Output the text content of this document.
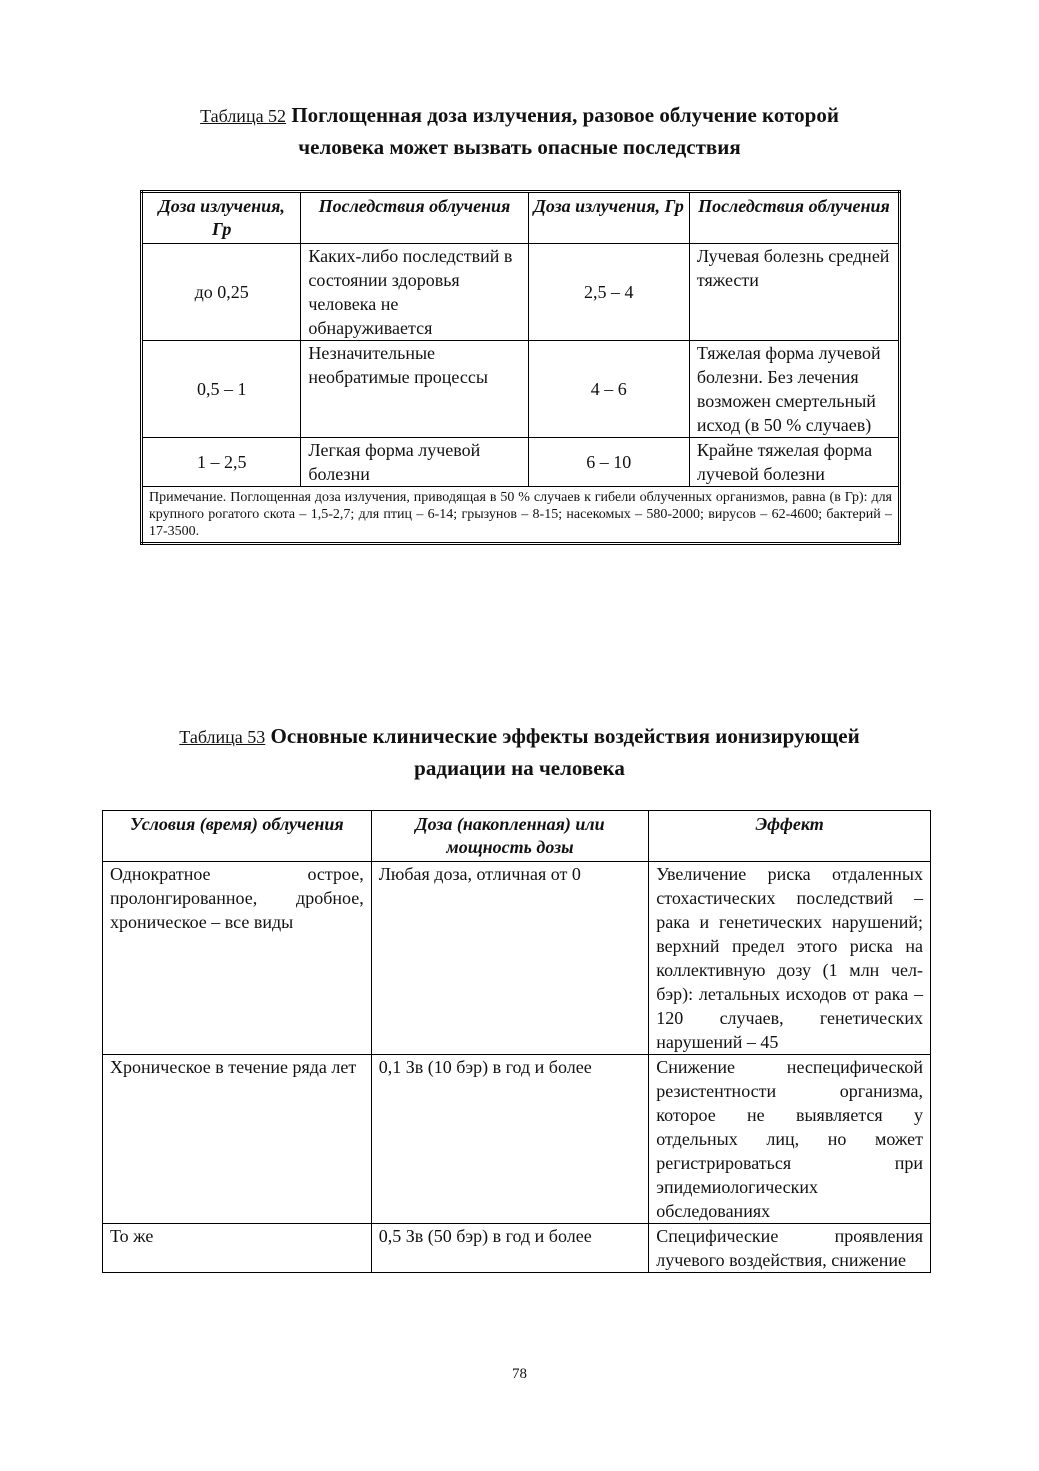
Таблица 52 Поглощенная доза излучения, разовое облучение которой
человека может вызвать опасные последствия
Доза излучения, Гр	Последствия облучения	Доза излучения, Гр	Последствия облучения
до 0,25	Каких-либо последствий в состоянии здоровья человека не обнаруживается	2,5 – 4	Лучевая болезнь средней тяжести
0,5 – 1	Незначительные необратимые процессы	4 – 6	Тяжелая форма лучевой болезни. Без лечения возможен смертельный исход (в 50 % случаев)
1 – 2,5	Легкая форма лучевой болезни	6 – 10	Крайне тяжелая форма лучевой болезни
Примечание. Поглощенная доза излучения, приводящая в 50 % случаев к гибели облученных организмов, равна (в Гр): для крупного рогатого скота – 1,5-2,7; для птиц – 6-14; грызунов – 8-15; насекомых – 580-2000; вирусов – 62-4600; бактерий – 17-3500.			
Таблица 53 Основные клинические эффекты воздействия ионизирующей
радиации на человека
Условия (время) облучения	Доза (накопленная) или мощность дозы	Эффект
Однократное острое, пролонгированное, дробное, хроническое – все виды	Любая доза, отличная от 0	Увеличение риска отдаленных стохастических последствий – рака и генетических нарушений; верхний предел этого риска на коллективную дозу (1 млн чел-бэр): летальных исходов от рака – 120 случаев, генетических нарушений – 45
Хроническое в течение ряда лет	0,1 Зв (10 бэр) в год и более	Снижение неспецифической резистентности организма, которое не выявляется у отдельных лиц, но может регистрироваться при эпидемиологических обследованиях
То же	0,5 Зв (50 бэр) в год и более	Специфические проявления лучевого воздействия, снижение
78
